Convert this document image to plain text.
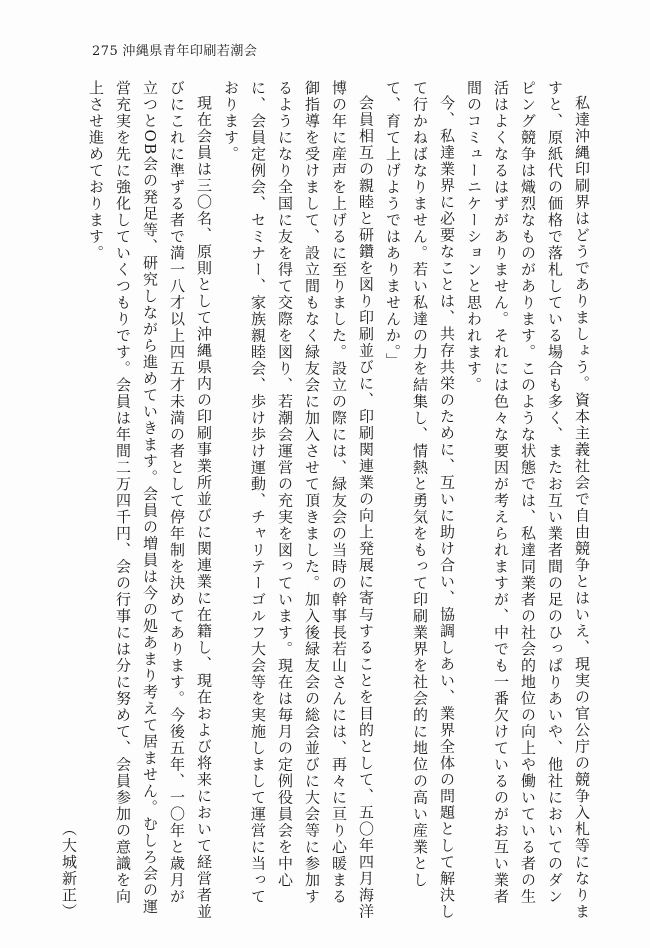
275 沖縄県青年印刷若潮会

私達沖縄印刷界はどうでありましょう。資本主義社会で自由競争とはいえ、現実の官公庁の競争入札等になりますと、原紙代の価格で落札している場合も多く、またお互い業者間の足のひっぱりあいや、他社においてのダンピング競争は熾烈なものがあります。このような状態では、私達同業者の社会的地位の向上や働いている者の生活はよくなるはずがありません。それには色々な要因が考えられますが、中でも一番欠けているのがお互い業者間のコミューニケーションと思われます。

今、私達業界に必要なことは、共存共栄のために、互いに助け合い、協調しあい、業界全体の問題として解決して行かねばなりません。若い私達の力を結集し、情熱と勇気をもって印刷業界を社会的に地位の高い産業として、育て上げようではありませんか。」

会員相互の親睦と研鑽を図り印刷並びに、印刷関連業の向上発展に寄与することを目的として、五〇年四月海洋博の年に産声を上げるに至りました。設立の際には、緑友会の当時の幹事長若山さんには、再々に亘り心暖まる御指導を受けまして、設立間もなく緑友会に加入させて頂きました。加入後緑友会の総会並びに大会等に参加するようになり全国に友を得て交際を図り、若潮会運営の充実を図っています。現在は毎月の定例役員会を中心に、会員定例会、セミナー、家族親睦会、歩け歩け運動、チャリテーゴルフ大会等を実施しまして運営に当っております。

現在会員は三〇名、原則として沖縄県内の印刷事業所並びに関連業に在籍し、現在および将来において経営者並びにこれに準ずる者で満一八才以上四五才未満の者として停年制を決めてあります。今後五年、一〇年と歳月が立つとOB会の発足等、研究しながら進めていきます。会員の増員は今の処あまり考えて居ません。むしろ会の運営充実を先に強化していくつもりです。会員は年間二万四千円、会の行事には分に努めて、会員参加の意識を向上させ進めております。

（大城新正）
